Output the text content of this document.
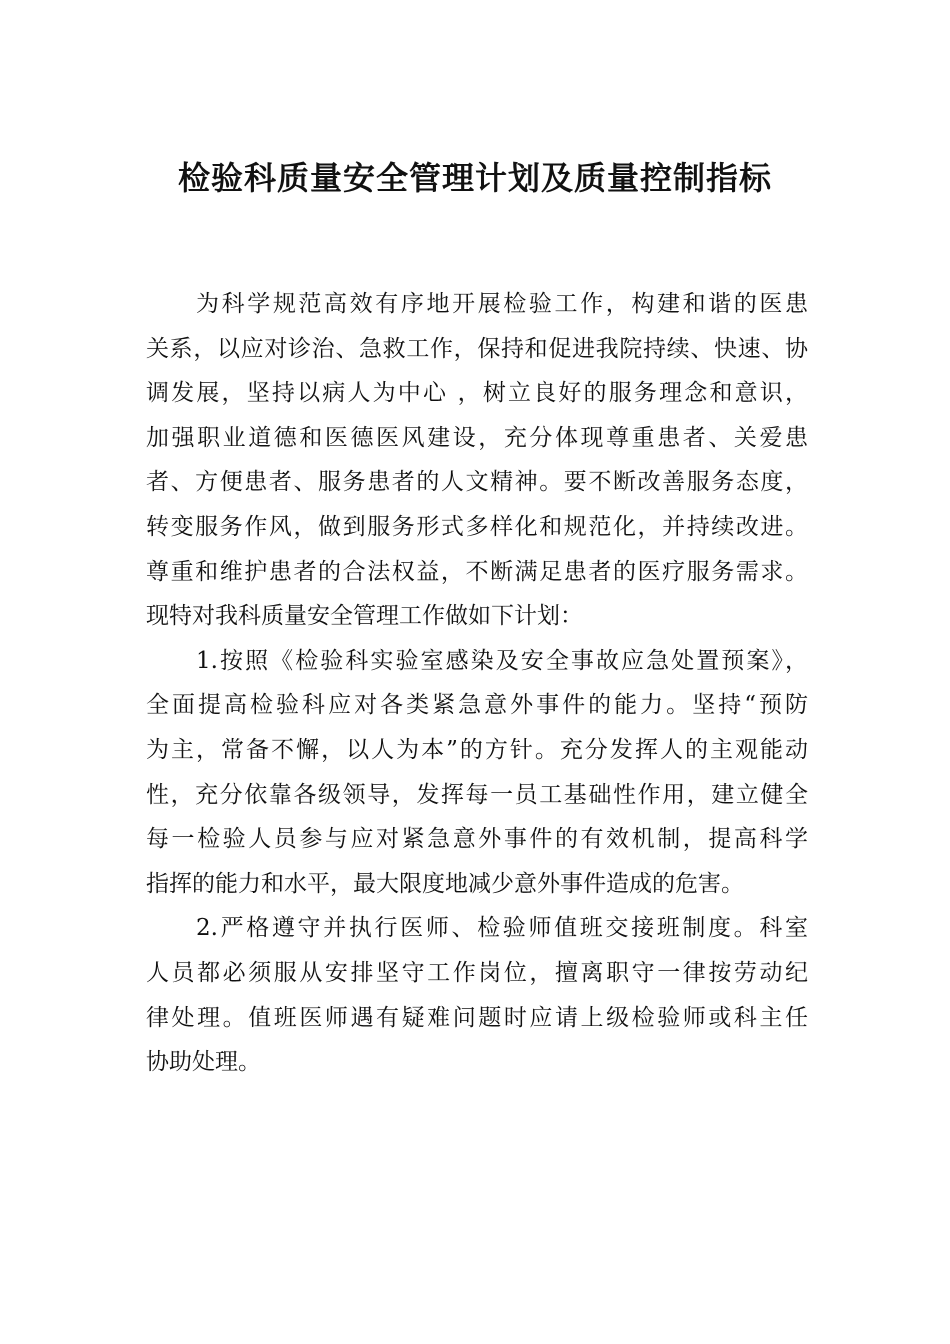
检验科质量安全管理计划及质量控制指标

为科学规范高效有序地开展检验工作，构建和谐的医患
关系，以应对诊治、急救工作，保持和促进我院持续、快速、协
调发展，坚持以病人为中心 ，树立良好的服务理念和意识，
加强职业道德和医德医风建设，充分体现尊重患者、关爱患
者、方便患者、服务患者的人文精神。要不断改善服务态度，
转变服务作风，做到服务形式多样化和规范化，并持续改进。
尊重和维护患者的合法权益，不断满足患者的医疗服务需求。
现特对我科质量安全管理工作做如下计划：

1.按照《检验科实验室感染及安全事故应急处置预案》，
全面提高检验科应对各类紧急意外事件的能力。坚持“预防
为主，常备不懈，以人为本”的方针。充分发挥人的主观能动
性，充分依靠各级领导，发挥每一员工基础性作用，建立健全
每一检验人员参与应对紧急意外事件的有效机制，提高科学
指挥的能力和水平，最大限度地减少意外事件造成的危害。

2.严格遵守并执行医师、检验师值班交接班制度。科室
人员都必须服从安排坚守工作岗位，擅离职守一律按劳动纪
律处理。值班医师遇有疑难问题时应请上级检验师或科主任
协助处理。
